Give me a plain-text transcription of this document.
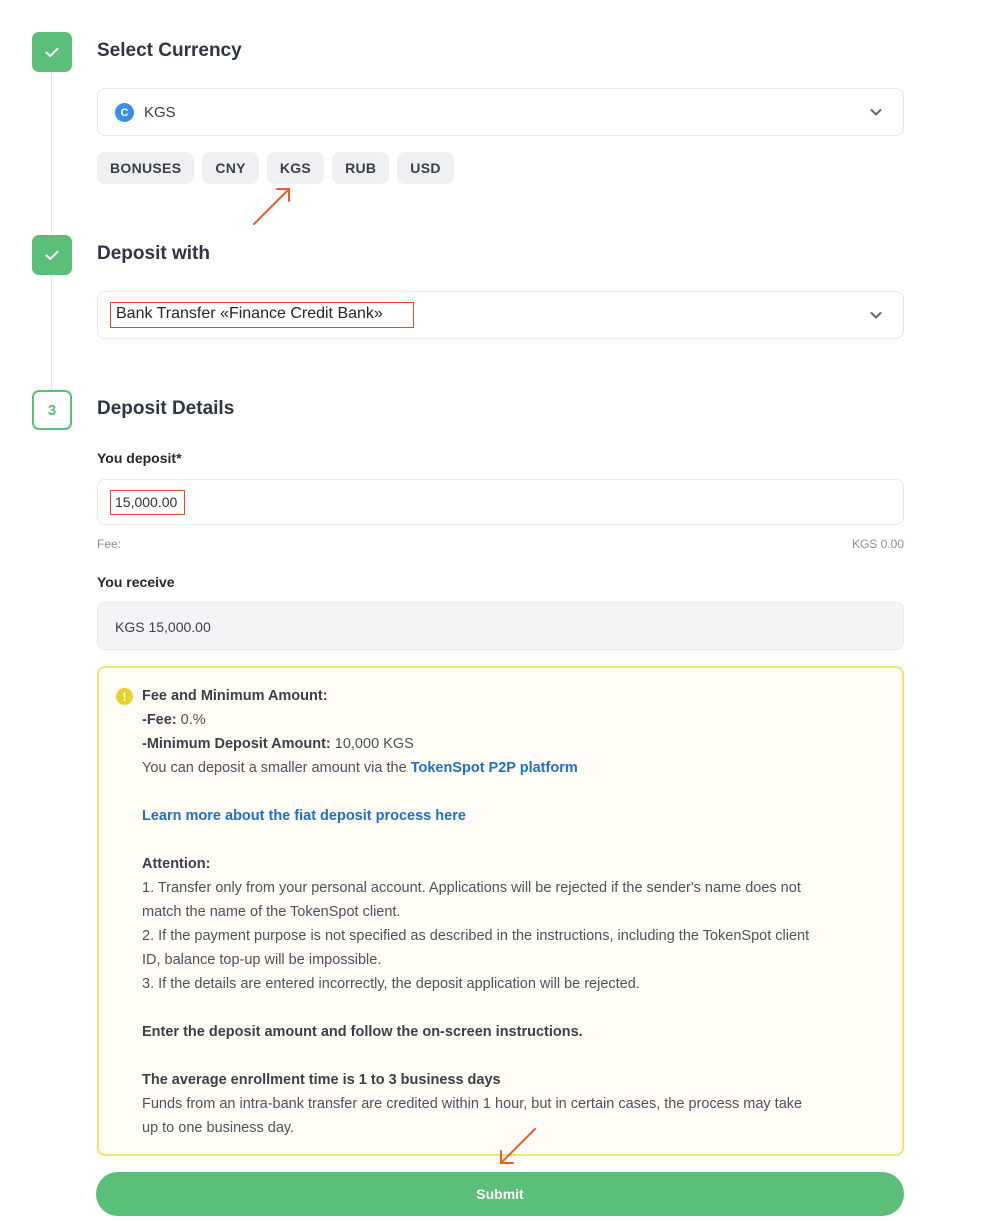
Select Currency
C	KGS
BONUSES	CNY	KGS	RUB	USD
Deposit with
Bank Transfer «Finance Credit Bank»
3	Deposit Details
You deposit*
15,000.00
Fee:	KGS 0.00
You receive
KGS 15,000.00
!	Fee and Minimum Amount:
-Fee: 0.%
-Minimum Deposit Amount: 10,000 KGS
You can deposit a smaller amount via the TokenSpot P2P platform
Learn more about the fiat deposit process here
Attention:
1. Transfer only from your personal account. Applications will be rejected if the sender's name does not
match the name of the TokenSpot client.
2. If the payment purpose is not specified as described in the instructions, including the TokenSpot client
ID, balance top-up will be impossible.
3. If the details are entered incorrectly, the deposit application will be rejected.
Enter the deposit amount and follow the on-screen instructions.
The average enrollment time is 1 to 3 business days
Funds from an intra-bank transfer are credited within 1 hour, but in certain cases, the process may take
up to one business day.
Submit
